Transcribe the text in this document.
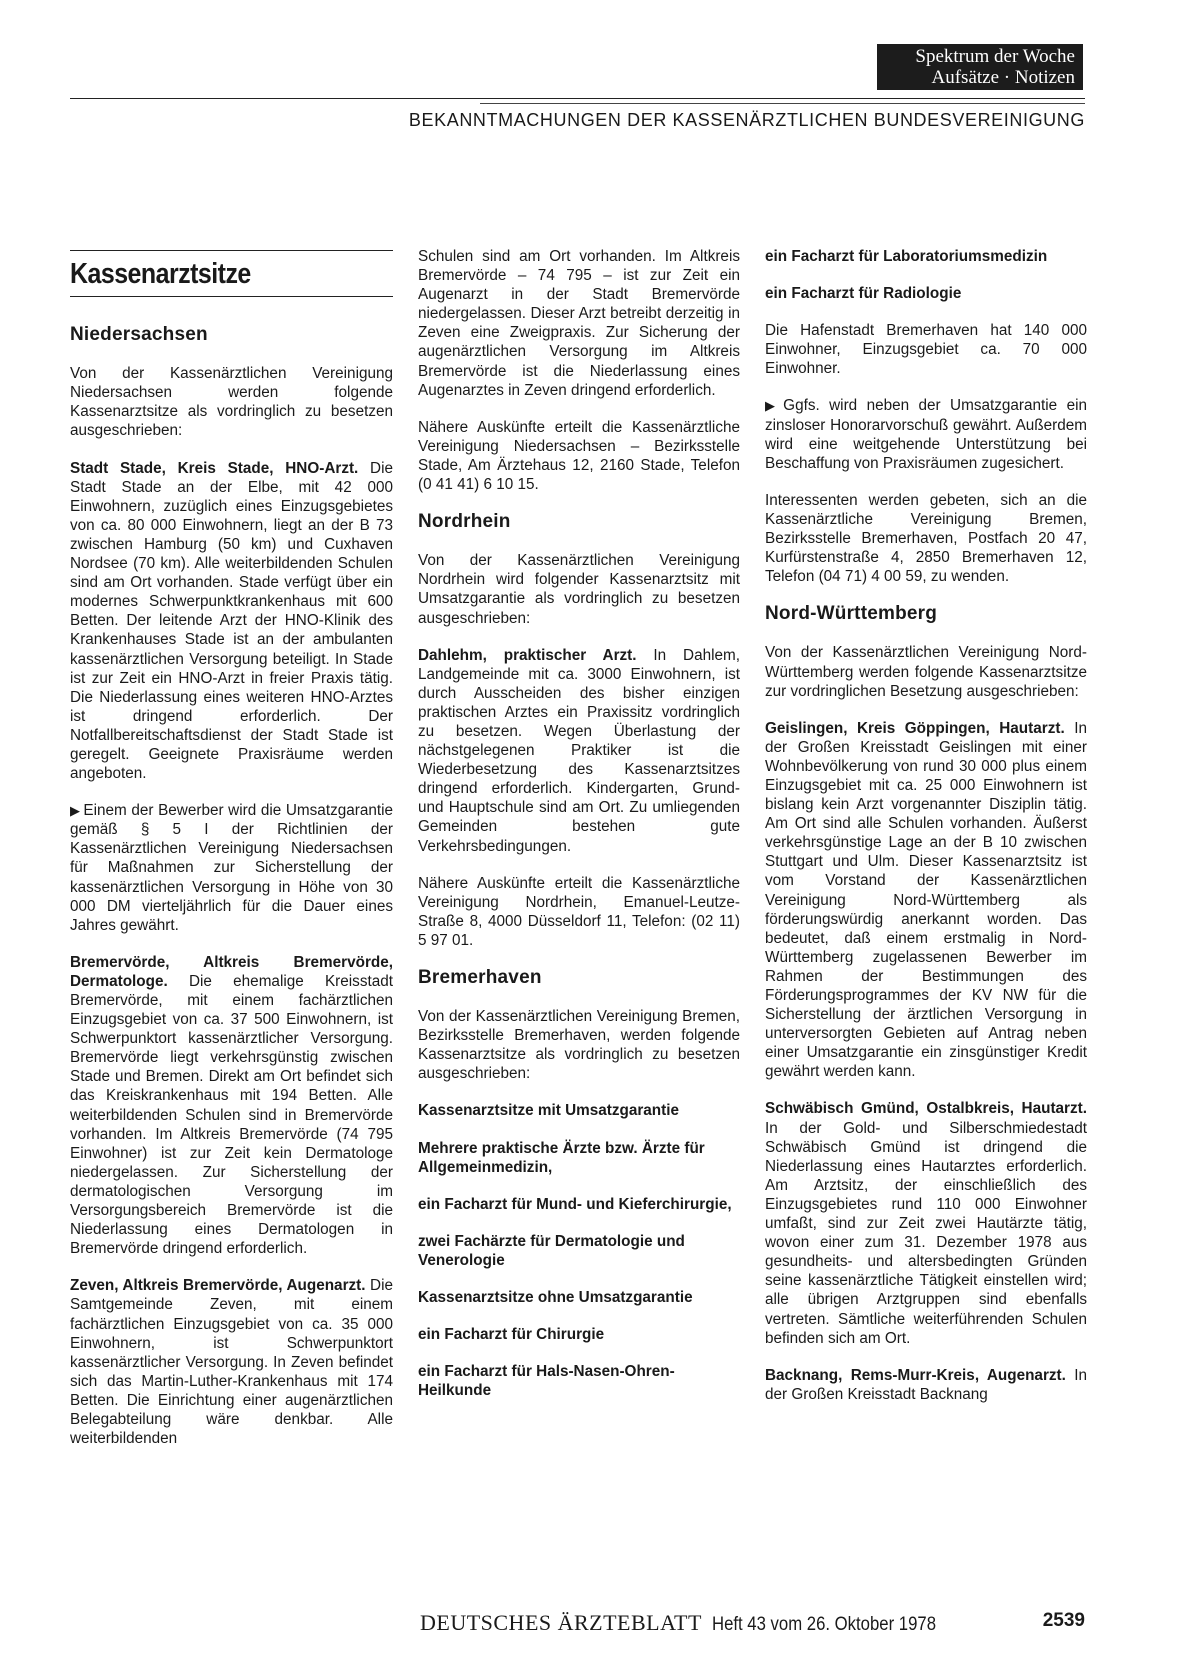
Spektrum der Woche
Aufsätze · Notizen
BEKANNTMACHUNGEN DER KASSENÄRZTLICHEN BUNDESVEREINIGUNG
Kassenarztsitze
Niedersachsen

Von der Kassenärztlichen Vereinigung Niedersachsen werden folgende Kassenarztsitze als vordringlich zu besetzen ausgeschrieben:

Stadt Stade, Kreis Stade, HNO-Arzt. Die Stadt Stade an der Elbe, mit 42 000 Einwohnern, zuzüglich eines Einzugsgebietes von ca. 80 000 Einwohnern, liegt an der B 73 zwischen Hamburg (50 km) und Cuxhaven Nordsee (70 km). Alle weiterbildenden Schulen sind am Ort vorhanden. Stade verfügt über ein modernes Schwerpunktkrankenhaus mit 600 Betten. Der leitende Arzt der HNO-Klinik des Krankenhauses Stade ist an der ambulanten kassenärztlichen Versorgung beteiligt. In Stade ist zur Zeit ein HNO-Arzt in freier Praxis tätig. Die Niederlassung eines weiteren HNO-Arztes ist dringend erforderlich. Der Notfallbereitschaftsdienst der Stadt Stade ist geregelt. Geeignete Praxisräume werden angeboten.

▶ Einem der Bewerber wird die Umsatzgarantie gemäß § 5 I der Richtlinien der Kassenärztlichen Vereinigung Niedersachsen für Maßnahmen zur Sicherstellung der kassenärztlichen Versorgung in Höhe von 30 000 DM vierteljährlich für die Dauer eines Jahres gewährt.

Bremervörde, Altkreis Bremervörde, Dermatologe. Die ehemalige Kreisstadt Bremervörde, mit einem fachärztlichen Einzugsgebiet von ca. 37 500 Einwohnern, ist Schwerpunktort kassenärztlicher Versorgung. Bremervörde liegt verkehrsgünstig zwischen Stade und Bremen. Direkt am Ort befindet sich das Kreiskrankenhaus mit 194 Betten. Alle weiterbildenden Schulen sind in Bremervörde vorhanden. Im Altkreis Bremervörde (74 795 Einwohner) ist zur Zeit kein Dermatologe niedergelassen. Zur Sicherstellung der dermatologischen Versorgung im Versorgungsbereich Bremervörde ist die Niederlassung eines Dermatologen in Bremervörde dringend erforderlich.

Zeven, Altkreis Bremervörde, Augenarzt. Die Samtgemeinde Zeven, mit einem fachärztlichen Einzugsgebiet von ca. 35 000 Einwohnern, ist Schwerpunktort kassenärztlicher Versorgung. In Zeven befindet sich das Martin-Luther-Krankenhaus mit 174 Betten. Die Einrichtung einer augenärztlichen Belegabteilung wäre denkbar. Alle weiterbildenden

Schulen sind am Ort vorhanden. Im Altkreis Bremervörde – 74 795 – ist zur Zeit ein Augenarzt in der Stadt Bremervörde niedergelassen. Dieser Arzt betreibt derzeitig in Zeven eine Zweigpraxis. Zur Sicherung der augenärztlichen Versorgung im Altkreis Bremervörde ist die Niederlassung eines Augenarztes in Zeven dringend erforderlich.

Nähere Auskünfte erteilt die Kassenärztliche Vereinigung Niedersachsen – Bezirksstelle Stade, Am Ärztehaus 12, 2160 Stade, Telefon (0 41 41) 6 10 15.

Nordrhein

Von der Kassenärztlichen Vereinigung Nordrhein wird folgender Kassenarztsitz mit Umsatzgarantie als vordringlich zu besetzen ausgeschrieben:

Dahlehm, praktischer Arzt. In Dahlem, Landgemeinde mit ca. 3000 Einwohnern, ist durch Ausscheiden des bisher einzigen praktischen Arztes ein Praxissitz vordringlich zu besetzen. Wegen Überlastung der nächstgelegenen Praktiker ist die Wiederbesetzung des Kassenarztsitzes dringend erforderlich. Kindergarten, Grund- und Hauptschule sind am Ort. Zu umliegenden Gemeinden bestehen gute Verkehrsbedingungen.

Nähere Auskünfte erteilt die Kassenärztliche Vereinigung Nordrhein, Emanuel-Leutze-Straße 8, 4000 Düsseldorf 11, Telefon: (02 11) 5 97 01.

Bremerhaven

Von der Kassenärztlichen Vereinigung Bremen, Bezirksstelle Bremerhaven, werden folgende Kassenarztsitze als vordringlich zu besetzen ausgeschrieben:

Kassenarztsitze mit Umsatzgarantie
Mehrere praktische Ärzte bzw. Ärzte für Allgemeinmedizin,
ein Facharzt für Mund- und Kieferchirurgie,
zwei Fachärzte für Dermatologie und Venerologie
Kassenarztsitze ohne Umsatzgarantie
ein Facharzt für Chirurgie
ein Facharzt für Hals-Nasen-Ohren-Heilkunde
ein Facharzt für Laboratoriumsmedizin
ein Facharzt für Radiologie

Die Hafenstadt Bremerhaven hat 140 000 Einwohner, Einzugsgebiet ca. 70 000 Einwohner.

▶ Ggfs. wird neben der Umsatzgarantie ein zinsloser Honorarvorschuß gewährt. Außerdem wird eine weitgehende Unterstützung bei Beschaffung von Praxisräumen zugesichert.

Interessenten werden gebeten, sich an die Kassenärztliche Vereinigung Bremen, Bezirksstelle Bremerhaven, Postfach 20 47, Kurfürstenstraße 4, 2850 Bremerhaven 12, Telefon (04 71) 4 00 59, zu wenden.

Nord-Württemberg

Von der Kassenärztlichen Vereinigung Nord-Württemberg werden folgende Kassenarztsitze zur vordringlichen Besetzung ausgeschrieben:

Geislingen, Kreis Göppingen, Hautarzt. In der Großen Kreisstadt Geislingen mit einer Wohnbevölkerung von rund 30 000 plus einem Einzugsgebiet mit ca. 25 000 Einwohnern ist bislang kein Arzt vorgenannter Disziplin tätig. Am Ort sind alle Schulen vorhanden. Äußerst verkehrsgünstige Lage an der B 10 zwischen Stuttgart und Ulm. Dieser Kassenarztsitz ist vom Vorstand der Kassenärztlichen Vereinigung Nord-Württemberg als förderungswürdig anerkannt worden. Das bedeutet, daß einem erstmalig in Nord-Württemberg zugelassenen Bewerber im Rahmen der Bestimmungen des Förderungsprogrammes der KV NW für die Sicherstellung der ärztlichen Versorgung in unterversorgten Gebieten auf Antrag neben einer Umsatzgarantie ein zinsgünstiger Kredit gewährt werden kann.

Schwäbisch Gmünd, Ostalbkreis, Hautarzt. In der Gold- und Silberschmiedestadt Schwäbisch Gmünd ist dringend die Niederlassung eines Hautarztes erforderlich. Am Arztsitz, der einschließlich des Einzugsgebietes rund 110 000 Einwohner umfaßt, sind zur Zeit zwei Hautärzte tätig, wovon einer zum 31. Dezember 1978 aus gesundheits- und altersbedingten Gründen seine kassenärztliche Tätigkeit einstellen wird; alle übrigen Arztgruppen sind ebenfalls vertreten. Sämtliche weiterführenden Schulen befinden sich am Ort.

Backnang, Rems-Murr-Kreis, Augenarzt. In der Großen Kreisstadt Backnang

DEUTSCHES ÄRZTEBLATT Heft 43 vom 26. Oktober 1978	2539
